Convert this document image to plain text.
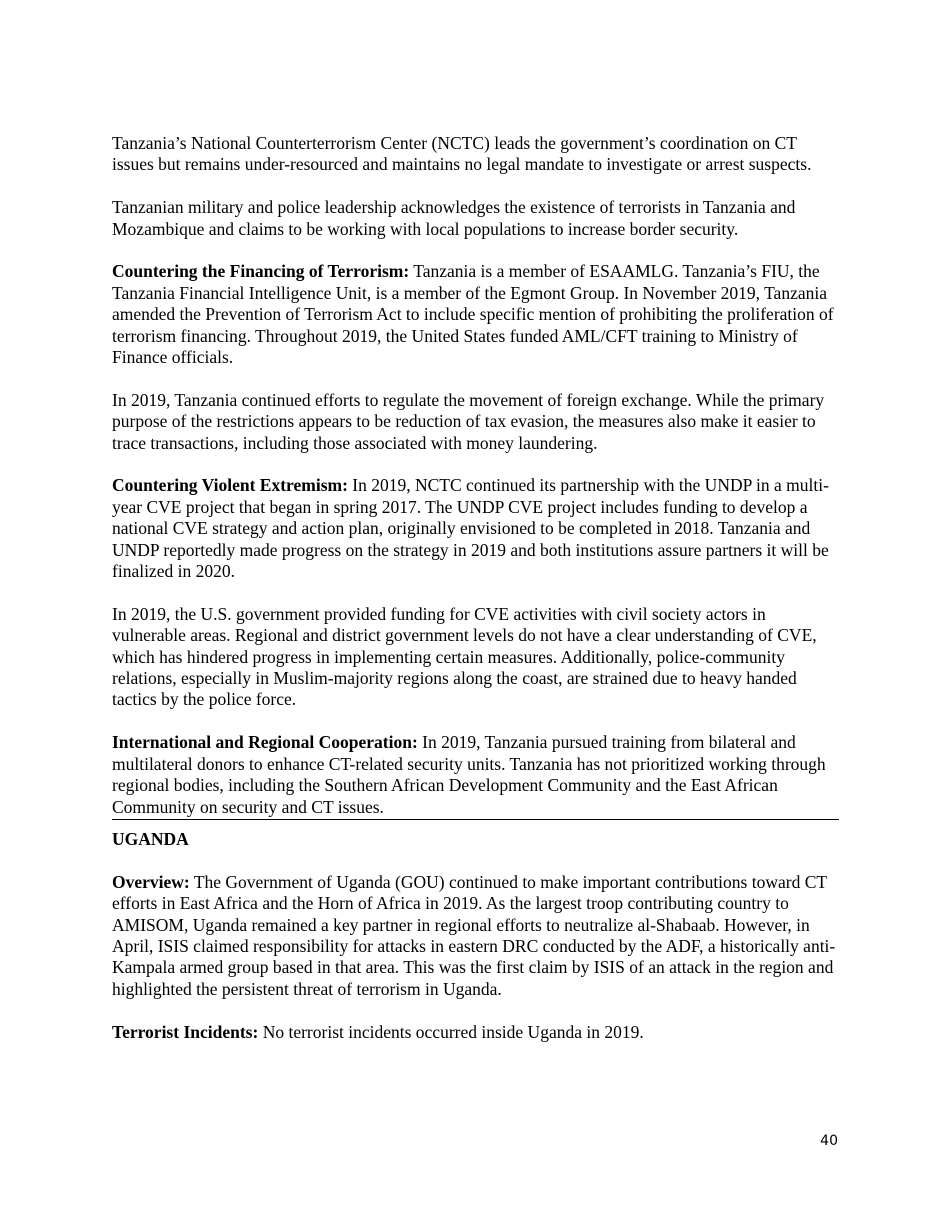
Tanzania’s National Counterterrorism Center (NCTC) leads the government’s coordination on CT issues but remains under-resourced and maintains no legal mandate to investigate or arrest suspects.

Tanzanian military and police leadership acknowledges the existence of terrorists in Tanzania and Mozambique and claims to be working with local populations to increase border security.

Countering the Financing of Terrorism: Tanzania is a member of ESAAMLG. Tanzania’s FIU, the Tanzania Financial Intelligence Unit, is a member of the Egmont Group. In November 2019, Tanzania amended the Prevention of Terrorism Act to include specific mention of prohibiting the proliferation of terrorism financing. Throughout 2019, the United States funded AML/CFT training to Ministry of Finance officials.

In 2019, Tanzania continued efforts to regulate the movement of foreign exchange. While the primary purpose of the restrictions appears to be reduction of tax evasion, the measures also make it easier to trace transactions, including those associated with money laundering.

Countering Violent Extremism: In 2019, NCTC continued its partnership with the UNDP in a multi-year CVE project that began in spring 2017. The UNDP CVE project includes funding to develop a national CVE strategy and action plan, originally envisioned to be completed in 2018. Tanzania and UNDP reportedly made progress on the strategy in 2019 and both institutions assure partners it will be finalized in 2020.

In 2019, the U.S. government provided funding for CVE activities with civil society actors in vulnerable areas. Regional and district government levels do not have a clear understanding of CVE, which has hindered progress in implementing certain measures. Additionally, police-community relations, especially in Muslim-majority regions along the coast, are strained due to heavy handed tactics by the police force.

International and Regional Cooperation: In 2019, Tanzania pursued training from bilateral and multilateral donors to enhance CT-related security units. Tanzania has not prioritized working through regional bodies, including the Southern African Development Community and the East African Community on security and CT issues.

UGANDA

Overview: The Government of Uganda (GOU) continued to make important contributions toward CT efforts in East Africa and the Horn of Africa in 2019. As the largest troop contributing country to AMISOM, Uganda remained a key partner in regional efforts to neutralize al-Shabaab. However, in April, ISIS claimed responsibility for attacks in eastern DRC conducted by the ADF, a historically anti-Kampala armed group based in that area. This was the first claim by ISIS of an attack in the region and highlighted the persistent threat of terrorism in Uganda.

Terrorist Incidents: No terrorist incidents occurred inside Uganda in 2019.

40
